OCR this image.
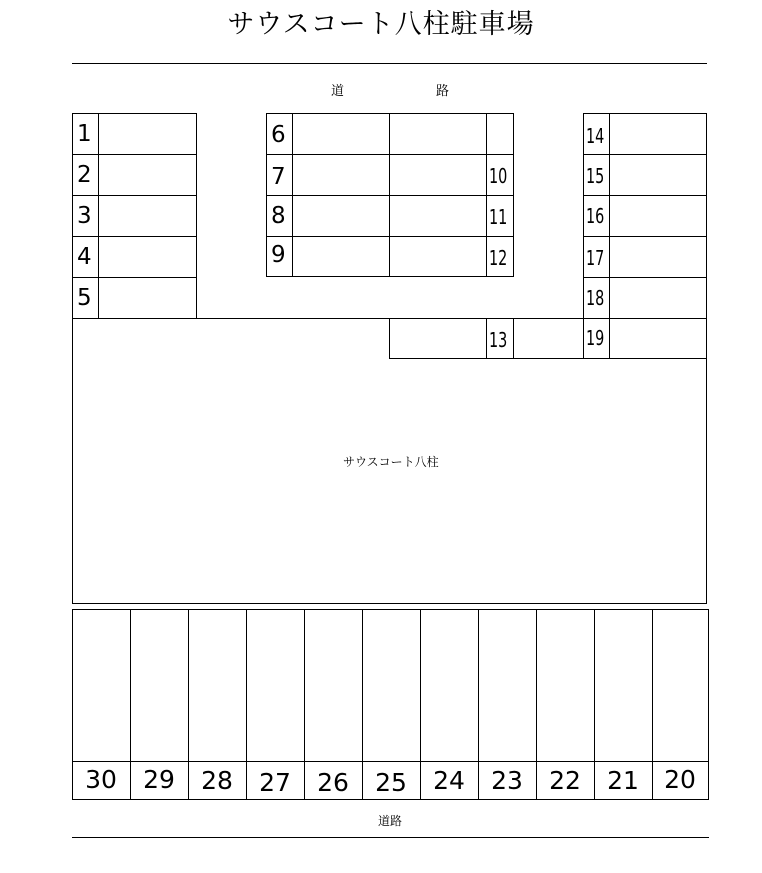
サウスコート八柱駐車場
道	路
1
2
3
4
5
6
7
8
9
10
11
12
13
14
15
16
17
18
19
サウスコート八柱
30	29	28	27	26	25	24	23	22	21	20
道路
